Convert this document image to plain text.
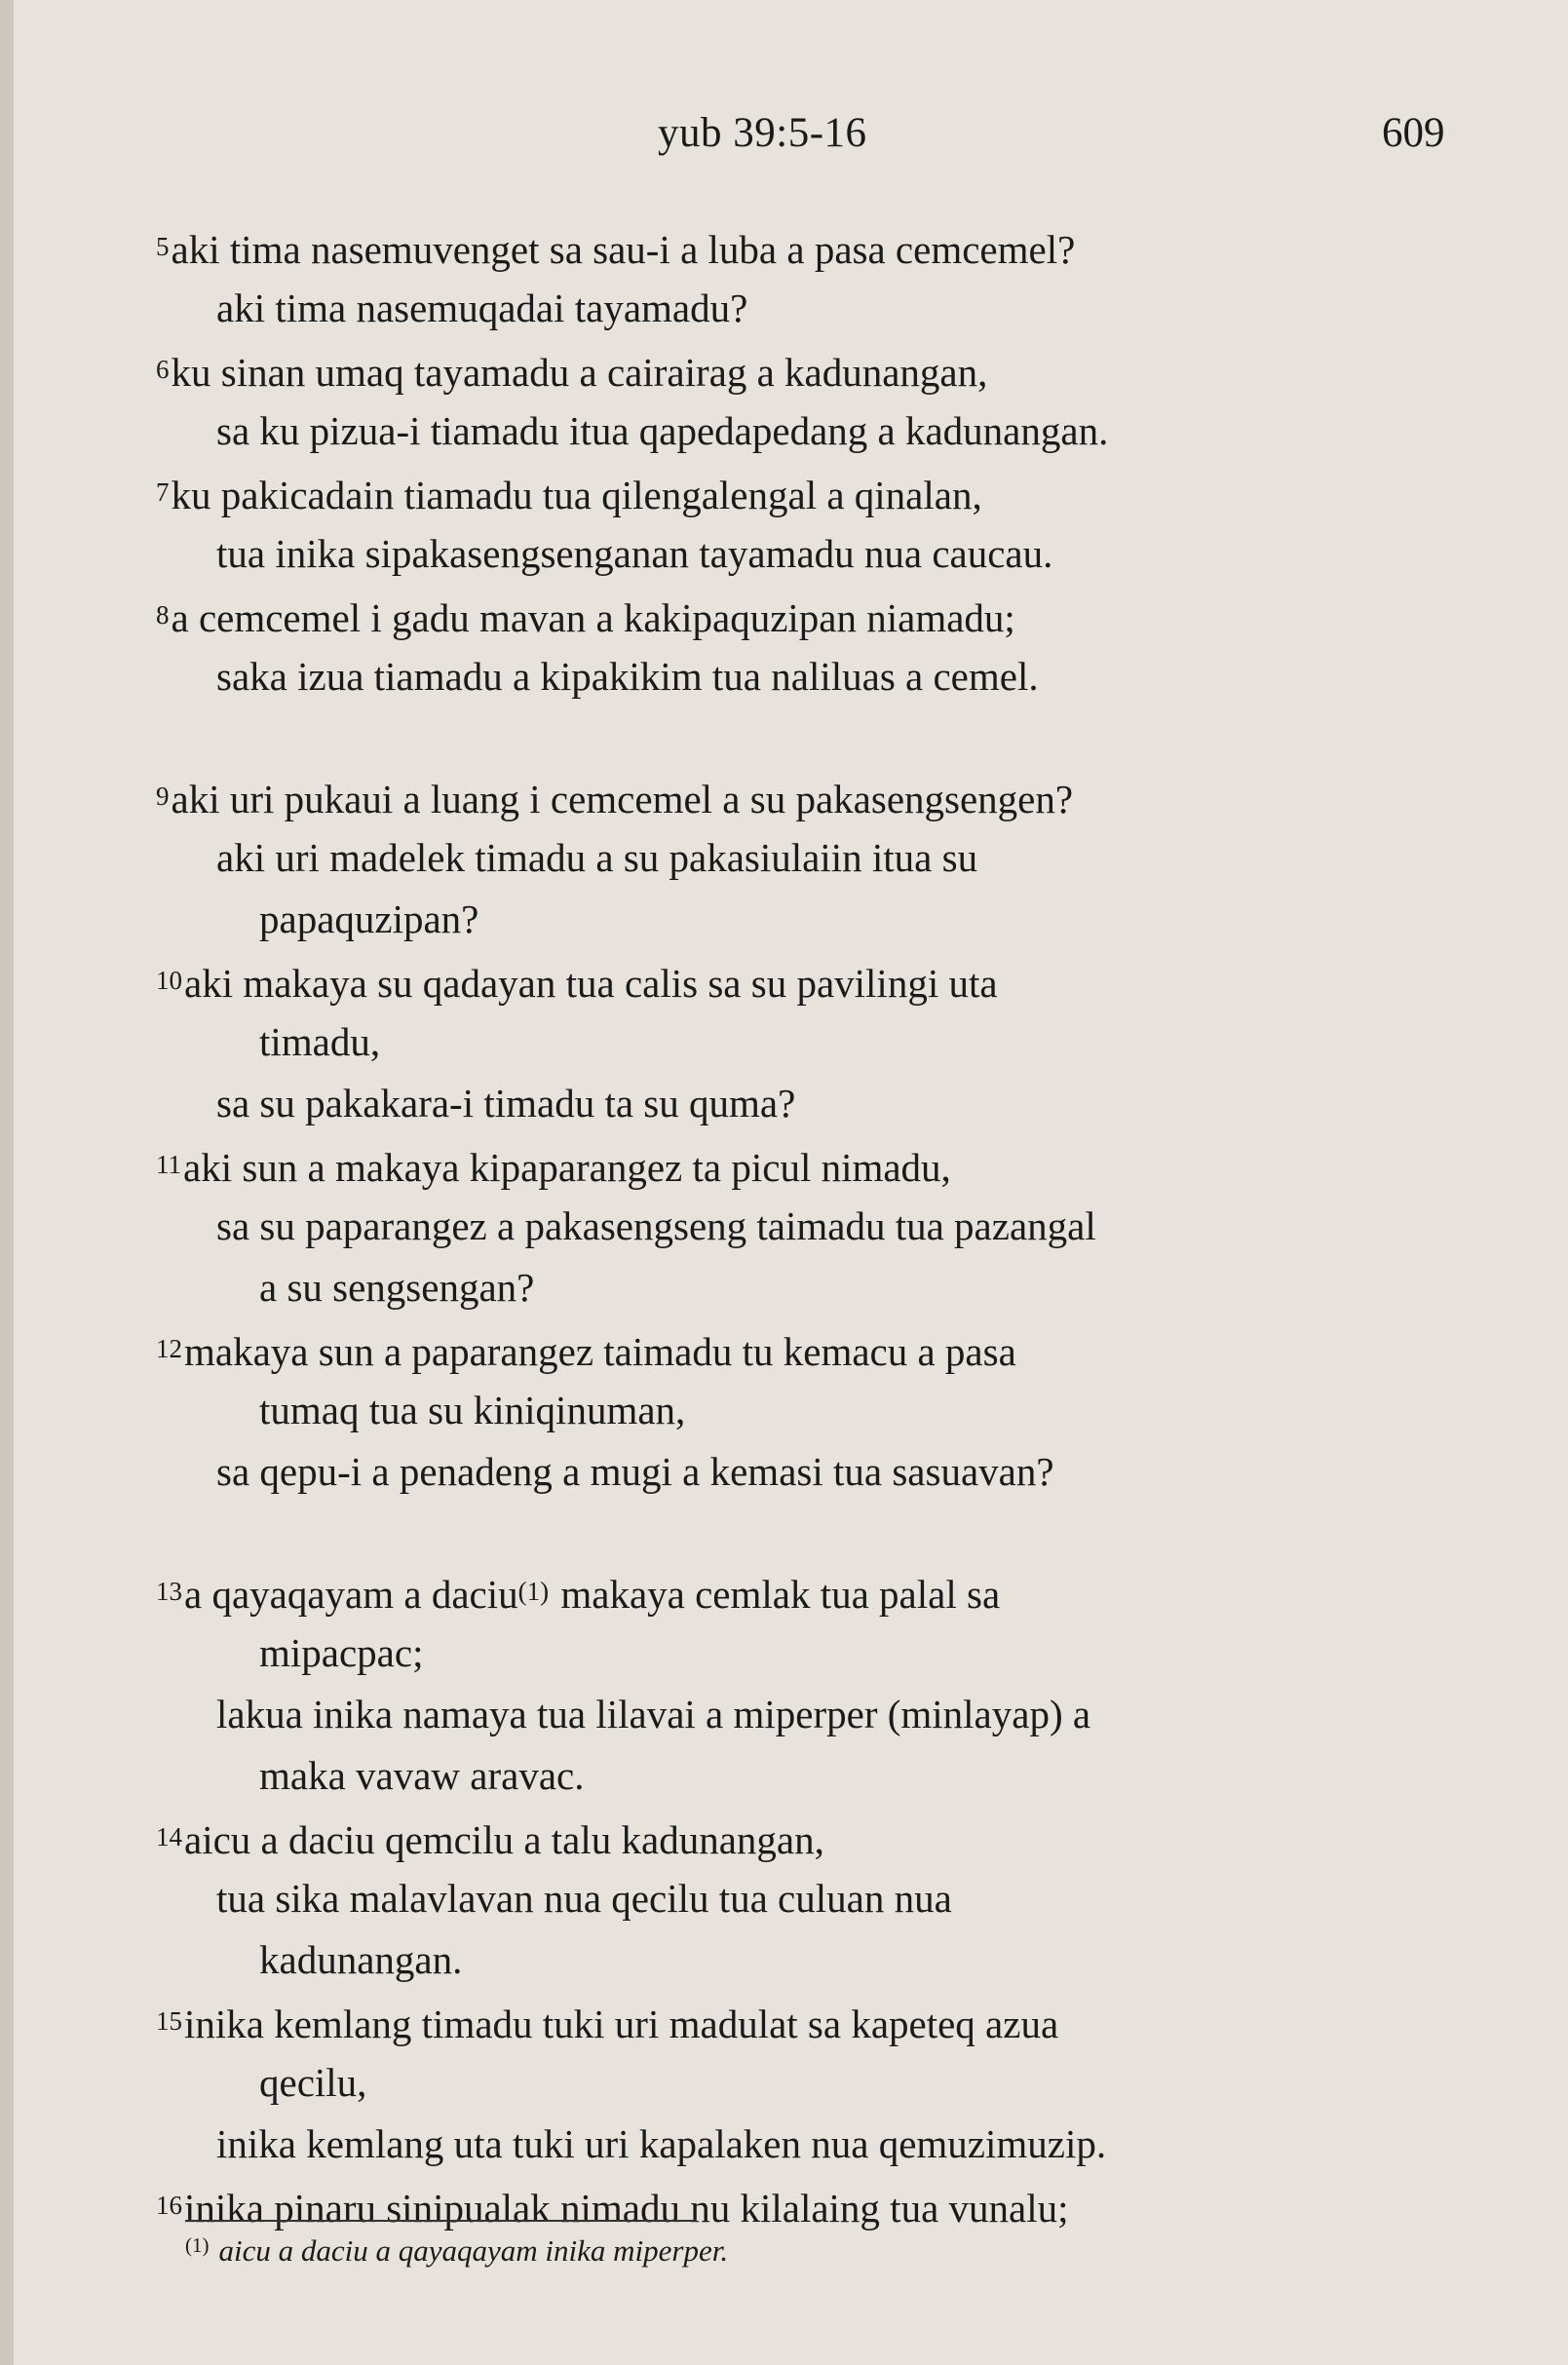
yub 39:5-16	609
5aki tima nasemuvenget sa sau-i a luba a pasa cemcemel?
aki tima nasemuqadai tayamadu?
6ku sinan umaq tayamadu a cairairag a kadunangan,
sa ku pizua-i tiamadu itua qapedapedang a kadunangan.
7ku pakicadain tiamadu tua qilengalengal a qinalan,
tua inika sipakasengsenganan tayamadu nua caucau.
8a cemcemel i gadu mavan a kakipaquzipan niamadu;
saka izua tiamadu a kipakikim tua naliluas a cemel.
9aki uri pukaui a luang i cemcemel a su pakasengsengen?
aki uri madelek timadu a su pakasiulaiin itua su
papaquzipan?
10aki makaya su qadayan tua calis sa su pavilingi uta
timadu,
sa su pakakara-i timadu ta su quma?
11aki sun a makaya kipaparangez ta picul nimadu,
sa su paparangez a pakasengseng taimadu tua pazangal
a su sengsengan?
12makaya sun a paparangez taimadu tu kemacu a pasa
tumaq tua su kiniqinuman,
sa qepu-i a penadeng a mugi a kemasi tua sasuavan?
13a qayaqayam a daciu(1) makaya cemlak tua palal sa
mipacpac;
lakua inika namaya tua lilavai a miperper (minlayap) a
maka vavaw aravac.
14aicu a daciu qemcilu a talu kadunangan,
tua sika malavlavan nua qecilu tua culuan nua
kadunangan.
15inika kemlang timadu tuki uri madulat sa kapeteq azua
qecilu,
inika kemlang uta tuki uri kapalaken nua qemuzimuzip.
16inika pinaru sinipualak nimadu nu kilalaing tua vunalu;
$^{(1)}$ aicu a daciu a qayaqayam inika miperper.
